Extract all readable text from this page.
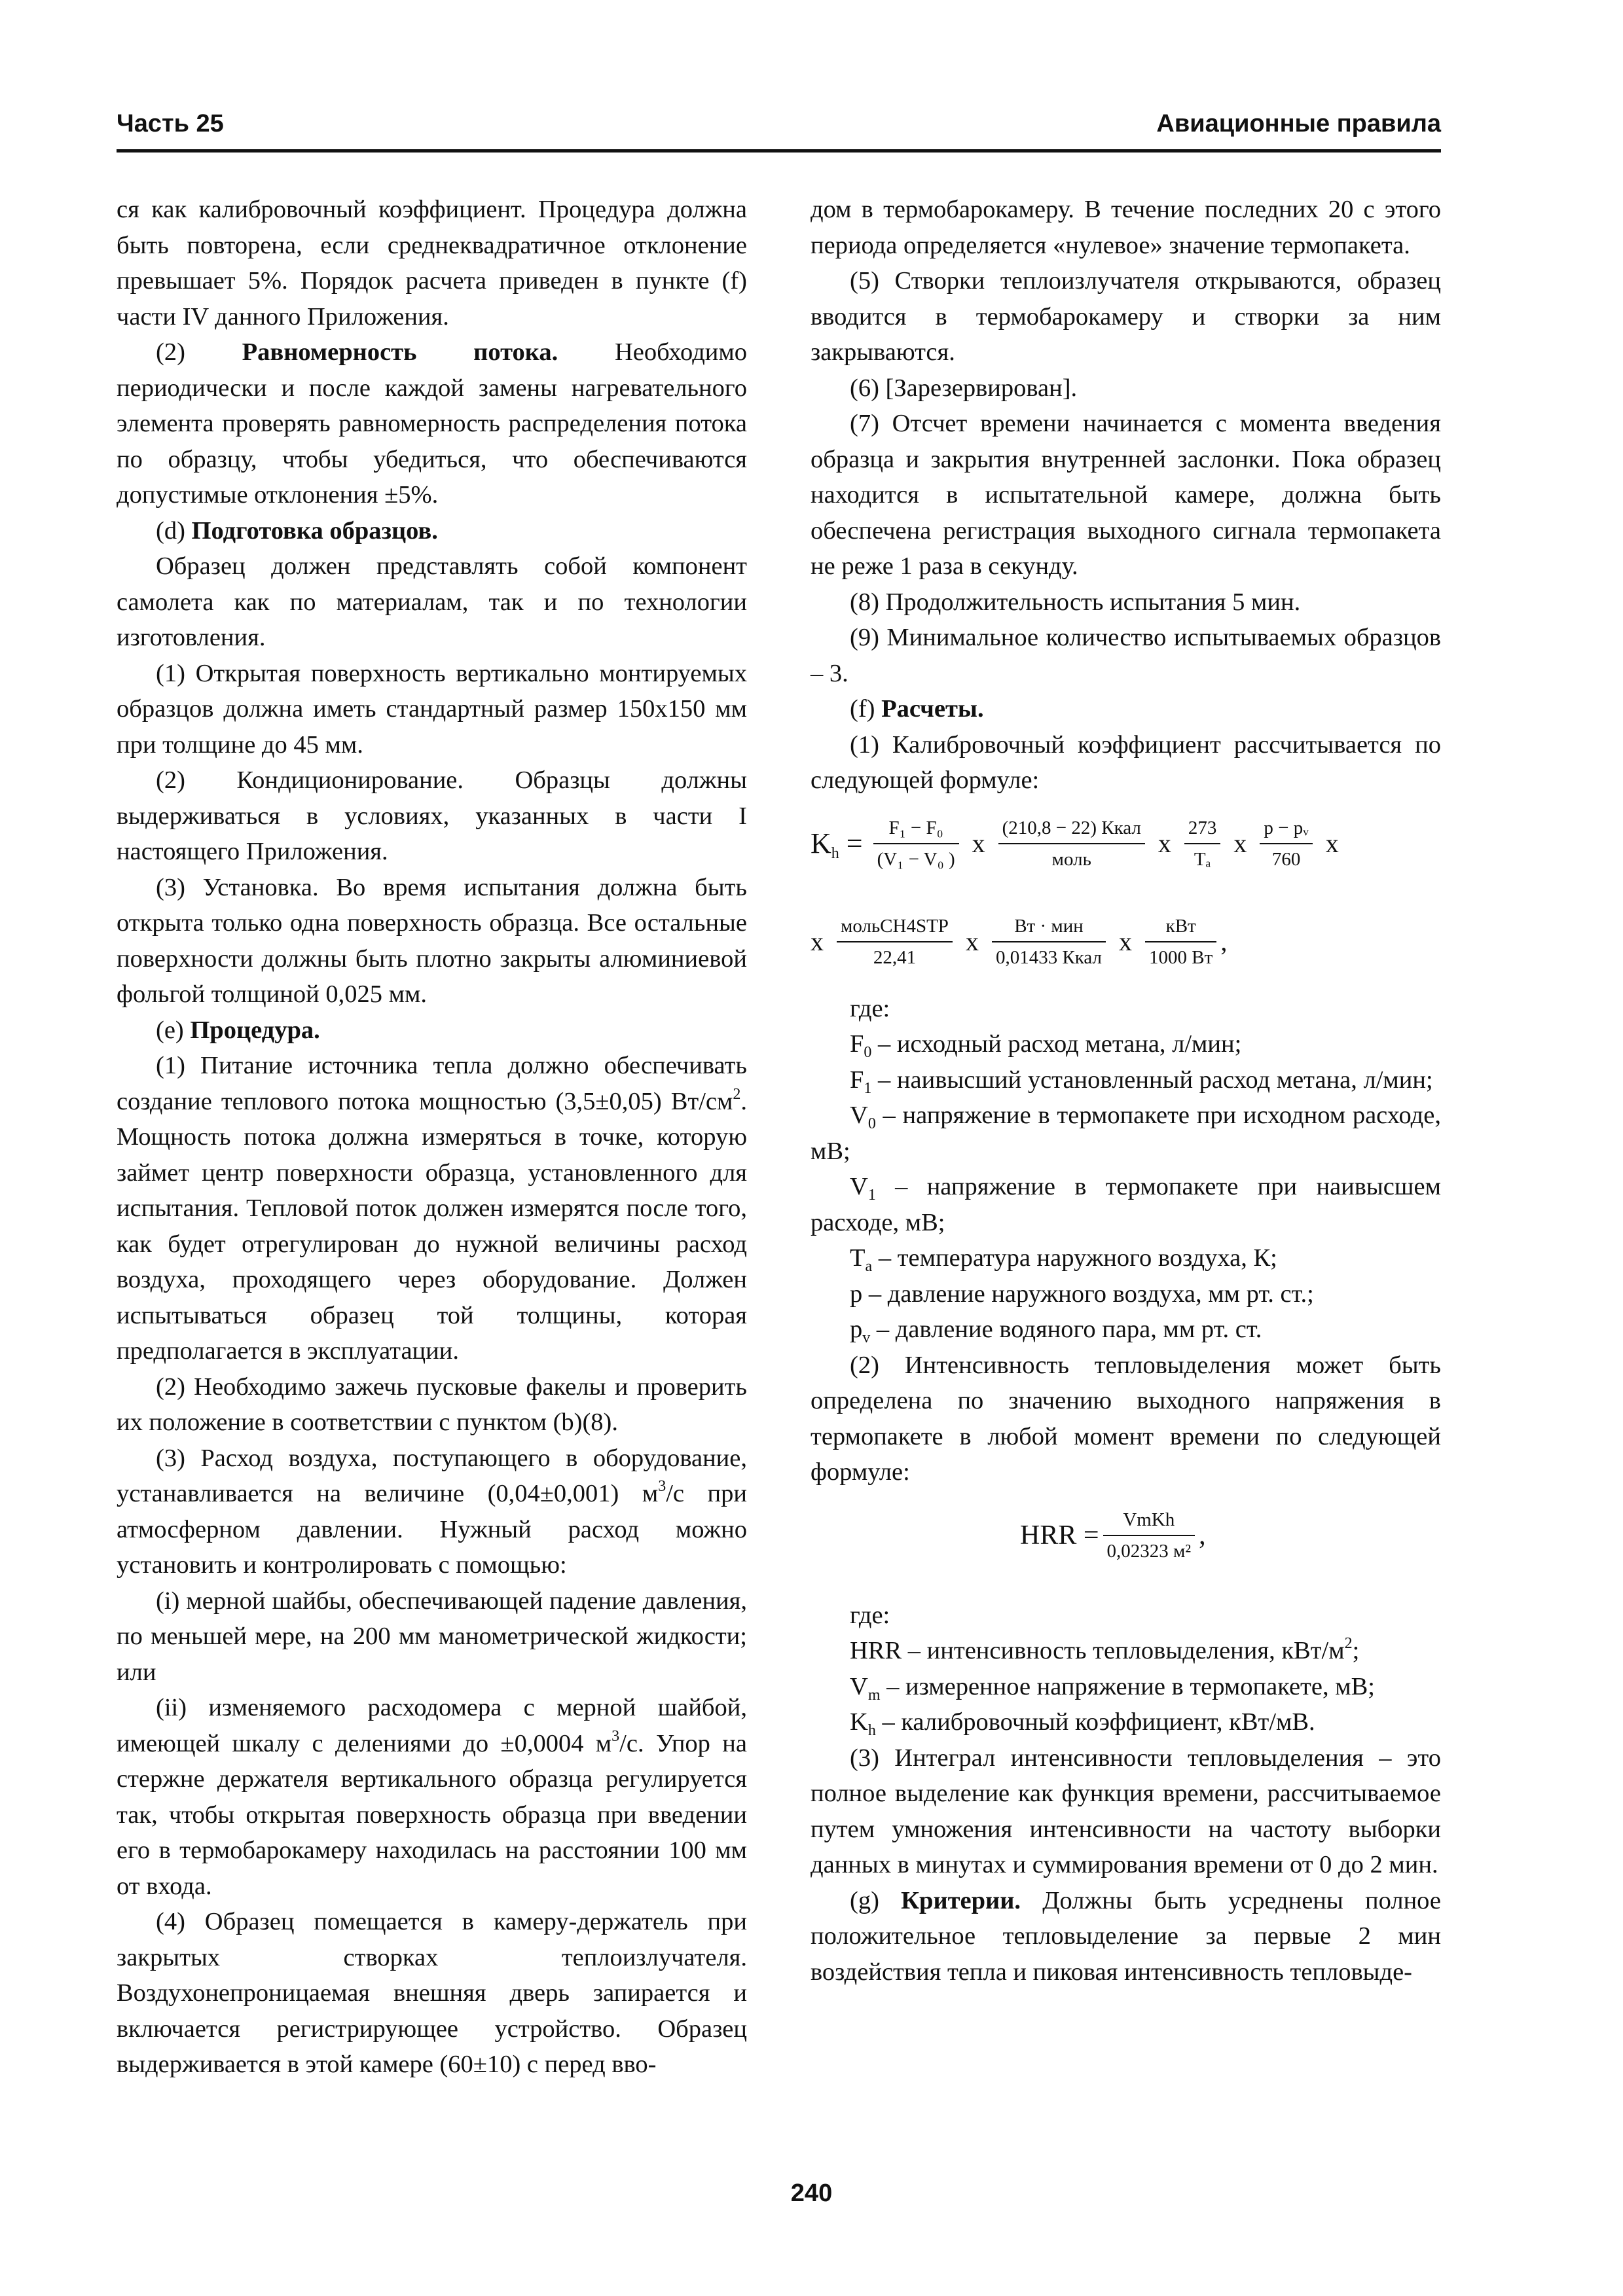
Часть 25	Авиационные правила

ся как калибровочный коэффициент. Процедура должна быть повторена, если среднеквадратичное отклонение превышает 5%. Порядок расчета приведен в пункте (f) части IV данного Приложения.

(2) Равномерность потока. Необходимо периодически и после каждой замены нагревательного элемента проверять равномерность распределения потока по образцу, чтобы убедиться, что обеспечиваются допустимые отклонения ±5%.

(d) Подготовка образцов.

Образец должен представлять собой компонент самолета как по материалам, так и по технологии изготовления.

(1) Открытая поверхность вертикально монтируемых образцов должна иметь стандартный размер 150x150 мм при толщине до 45 мм.

(2) Кондиционирование. Образцы должны выдерживаться в условиях, указанных в части I настоящего Приложения.

(3) Установка. Во время испытания должна быть открыта только одна поверхность образца. Все остальные поверхности должны быть плотно закрыты алюминиевой фольгой толщиной 0,025 мм.

(e) Процедура.

(1) Питание источника тепла должно обеспечивать создание теплового потока мощностью (3,5±0,05) $Вт/см^2$. Мощность потока должна измеряться в точке, которую займет центр поверхности образца, установленного для испытания. Тепловой поток должен измерятся после того, как будет отрегулирован до нужной величины расход воздуха, проходящего через оборудование. Должен испытываться образец той толщины, которая предполагается в эксплуатации.

(2) Необходимо зажечь пусковые факелы и проверить их положение в соответствии с пунктом (b)(8).

(3) Расход воздуха, поступающего в оборудование, устанавливается на величине (0,04±0,001) $м^3/с$ при атмосферном давлении. Нужный расход можно установить и контролировать с помощью:

(i) мерной шайбы, обеспечивающей падение давления, по меньшей мере, на 200 мм манометрической жидкости; или

(ii) изменяемого расходомера с мерной шайбой, имеющей шкалу с делениями до ±0,0004 $м^3/с$. Упор на стержне держателя вертикального образца регулируется так, чтобы открытая поверхность образца при введении его в термобарокамеру находилась на расстоянии 100 мм от входа.

(4) Образец помещается в камеру-держатель при закрытых створках теплоизлучателя. Воздухонепроницаемая внешняя дверь запирается и включается регистрирующее устройство. Образец выдерживается в этой камере (60±10) с перед вво-

дом в термобарокамеру. В течение последних 20 с этого периода определяется «нулевое» значение термопакета.

(5) Створки теплоизлучателя открываются, образец вводится в термобарокамеру и створки за ним закрываются.

(6) [Зарезервирован].

(7) Отсчет времени начинается с момента введения образца и закрытия внутренней заслонки. Пока образец находится в испытательной камере, должна быть обеспечена регистрация выходного сигнала термопакета не реже 1 раза в секунду.

(8) Продолжительность испытания 5 мин.

(9) Минимальное количество испытываемых образцов – 3.

(f) Расчеты.

(1) Калибровочный коэффициент рассчитывается по следующей формуле:

$K_h = \frac{\text{F₁ − F₀}}{\text{(V₁ − V₀ )}}$ x $\frac{\text{(210,8 − 22) Ккал}}{\text{моль}}$ x $\frac{273}{\text{Tₐ}}$ x $\frac{\text{p − pᵥ}}{760}$ x
x $\frac{\text{мольCH4STP}}{22,41}$ x $\frac{\text{Вт · мин}}{\text{0,01433 Ккал}}$ x $\frac{\text{кВт}}{1000 Вт}$ ,

где:

$F_0$ – исходный расход метана, л/мин;

$F_1$ – наивысший установленный расход метана, л/мин;

$V_0$ – напряжение в термопакете при исходном расходе, мВ;

$V_1$ – напряжение в термопакете при наивысшем расходе, мВ;

$T_a$ – температура наружного воздуха, К;

p – давление наружного воздуха, мм рт. ст.;

$p_v$ – давление водяного пара, мм рт. ст.

(2) Интенсивность тепловыделения может быть определена по значению выходного напряжения в термопакете в любой момент времени по следующей формуле:

HRR = $\frac{\text{VmKh}}{\text{0,02323 м²}}$ ,

где:

HRR – интенсивность тепловыделения, кВт/$м^2$;

$V_m$ – измеренное напряжение в термопакете, мВ;

$K_h$ – калибровочный коэффициент, кВт/мВ.

(3) Интеграл интенсивности тепловыделения – это полное выделение как функция времени, рассчитываемое путем умножения интенсивности на частоту выборки данных в минутах и суммирования времени от 0 до 2 мин.

(g) Критерии. Должны быть усреднены полное положительное тепловыделение за первые 2 мин воздействия тепла и пиковая интенсивность тепловыде-

240
